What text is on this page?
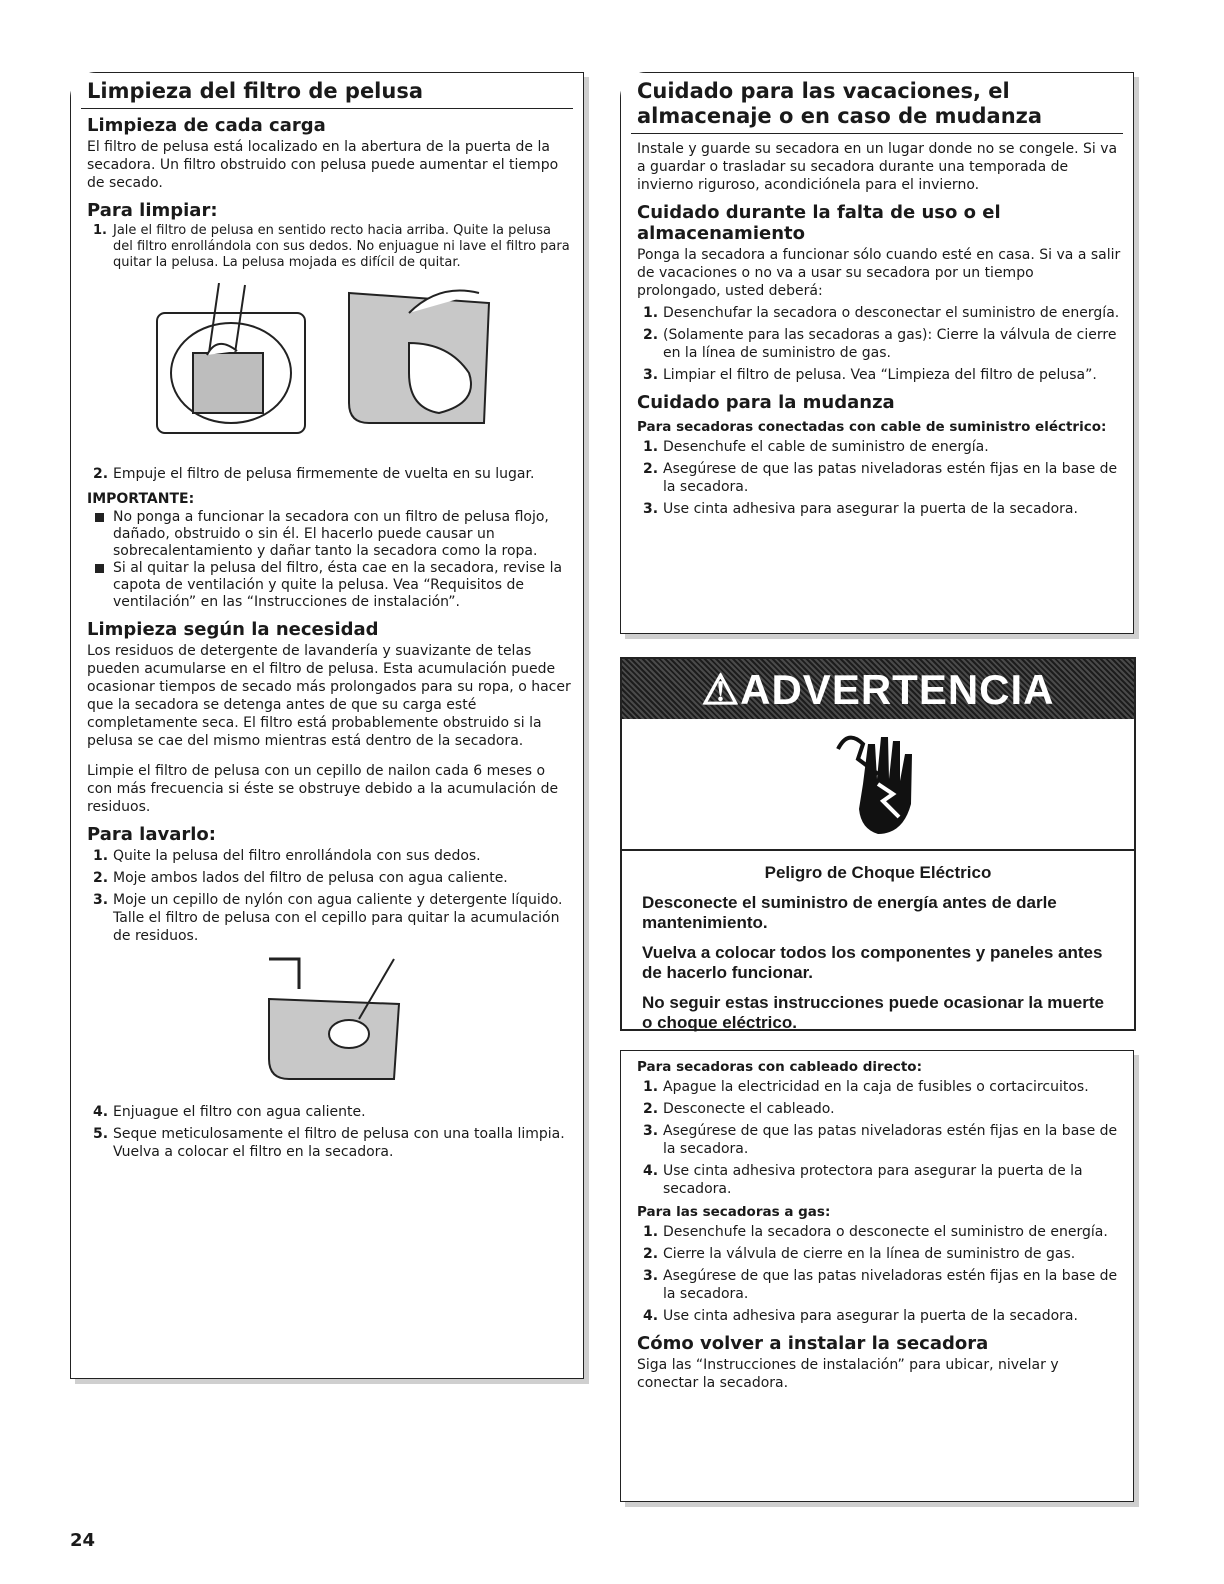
Limpieza del filtro de pelusa
Limpieza de cada carga

El filtro de pelusa está localizado en la abertura de la puerta de la secadora. Un filtro obstruido con pelusa puede aumentar el tiempo de secado.

Para limpiar:
1. Jale el filtro de pelusa en sentido recto hacia arriba. Quite la pelusa del filtro enrollándola con sus dedos. No enjuague ni lave el filtro para quitar la pelusa. La pelusa mojada es difícil de quitar.
2. Empuje el filtro de pelusa firmemente de vuelta en su lugar.
IMPORTANTE:
No ponga a funcionar la secadora con un filtro de pelusa flojo, dañado, obstruido o sin él. El hacerlo puede causar un sobrecalentamiento y dañar tanto la secadora como la ropa.
Si al quitar la pelusa del filtro, ésta cae en la secadora, revise la capota de ventilación y quite la pelusa. Vea “Requisitos de ventilación” en las “Instrucciones de instalación”.
Limpieza según la necesidad

Los residuos de detergente de lavandería y suavizante de telas pueden acumularse en el filtro de pelusa. Esta acumulación puede ocasionar tiempos de secado más prolongados para su ropa, o hacer que la secadora se detenga antes de que su carga esté completamente seca. El filtro está probablemente obstruido si la pelusa se cae del mismo mientras está dentro de la secadora.

Limpie el filtro de pelusa con un cepillo de nailon cada 6 meses o con más frecuencia si éste se obstruye debido a la acumulación de residuos.

Para lavarlo:
1. Quite la pelusa del filtro enrollándola con sus dedos.
2. Moje ambos lados del filtro de pelusa con agua caliente.
3. Moje un cepillo de nylón con agua caliente y detergente líquido. Talle el filtro de pelusa con el cepillo para quitar la acumulación de residuos.
4. Enjuague el filtro con agua caliente.
5. Seque meticulosamente el filtro de pelusa con una toalla limpia. Vuelva a colocar el filtro en la secadora.
Cuidado para las vacaciones, el almacenaje o en caso de mudanza

Instale y guarde su secadora en un lugar donde no se congele. Si va a guardar o trasladar su secadora durante una temporada de invierno riguroso, acondiciónela para el invierno.

Cuidado durante la falta de uso o el almacenamiento

Ponga la secadora a funcionar sólo cuando esté en casa. Si va a salir de vacaciones o no va a usar su secadora por un tiempo prolongado, usted deberá:

1. Desenchufar la secadora o desconectar el suministro de energía.
2. (Solamente para las secadoras a gas): Cierre la válvula de cierre en la línea de suministro de gas.
3. Limpiar el filtro de pelusa. Vea “Limpieza del filtro de pelusa”.
Cuidado para la mudanza
Para secadoras conectadas con cable de suministro eléctrico:
1. Desenchufe el cable de suministro de energía.
2. Asegúrese de que las patas niveladoras estén fijas en la base de la secadora.
3. Use cinta adhesiva para asegurar la puerta de la secadora.
⚠ADVERTENCIA
Peligro de Choque Eléctrico

Desconecte el suministro de energía antes de darle mantenimiento.

Vuelva a colocar todos los componentes y paneles antes de hacerlo funcionar.

No seguir estas instrucciones puede ocasionar la muerte o choque eléctrico.

Para secadoras con cableado directo:
1. Apague la electricidad en la caja de fusibles o cortacircuitos.
2. Desconecte el cableado.
3. Asegúrese de que las patas niveladoras estén fijas en la base de la secadora.
4. Use cinta adhesiva protectora para asegurar la puerta de la secadora.
Para las secadoras a gas:
1. Desenchufe la secadora o desconecte el suministro de energía.
2. Cierre la válvula de cierre en la línea de suministro de gas.
3. Asegúrese de que las patas niveladoras estén fijas en la base de la secadora.
4. Use cinta adhesiva para asegurar la puerta de la secadora.
Cómo volver a instalar la secadora

Siga las “Instrucciones de instalación” para ubicar, nivelar y conectar la secadora.

24
